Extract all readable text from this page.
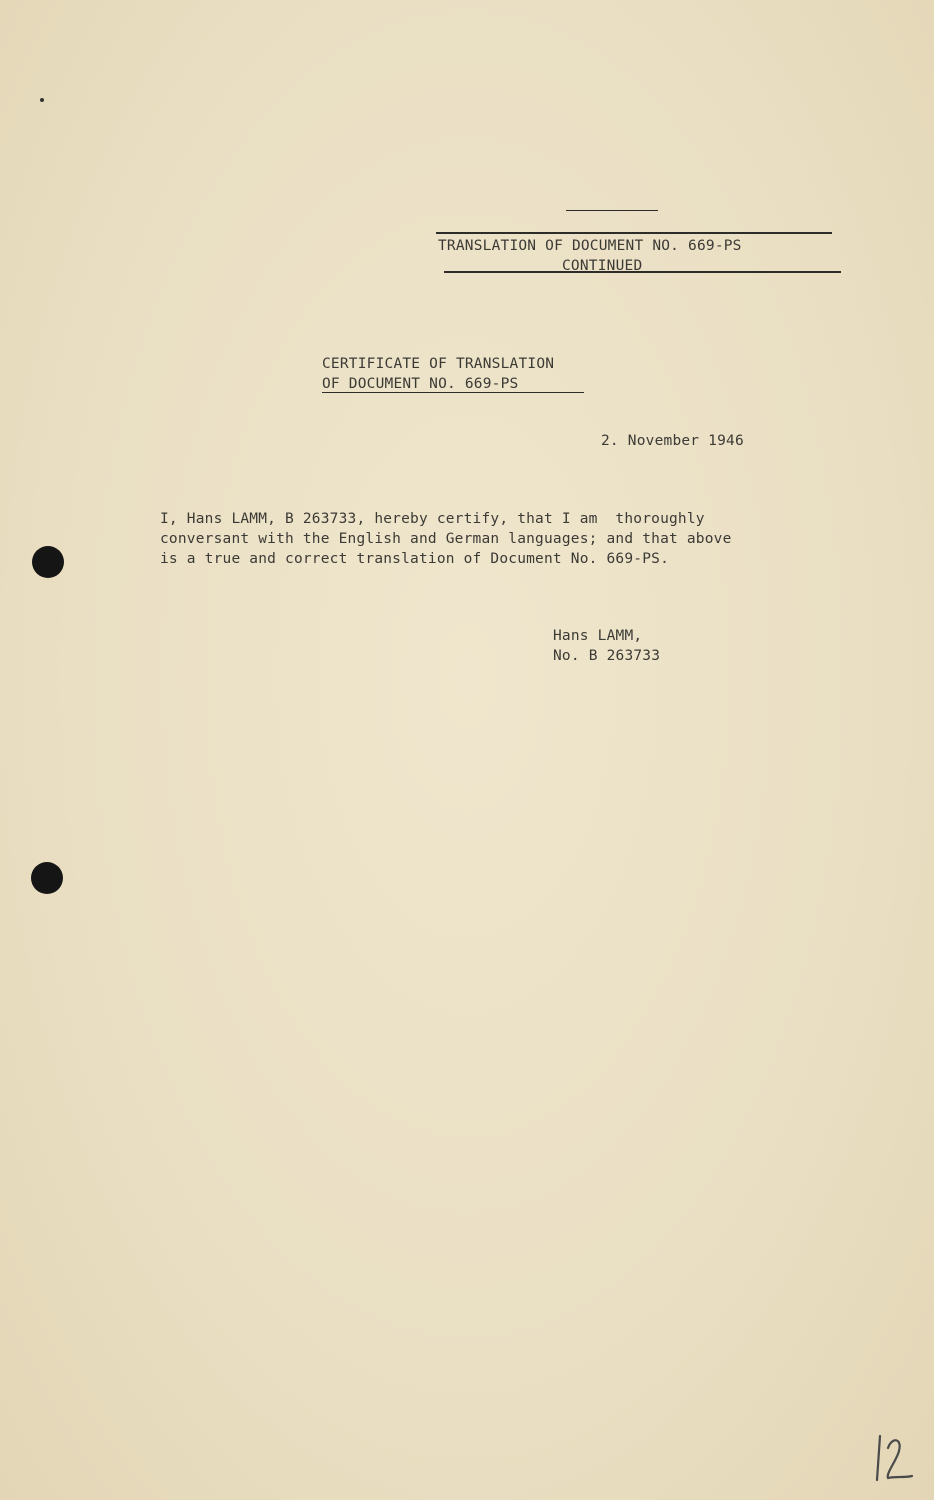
TRANSLATION OF DOCUMENT NO. 669-PS
CONTINUED
CERTIFICATE OF TRANSLATION
OF DOCUMENT NO. 669-PS
2. November 1946
I, Hans LAMM, B 263733, hereby certify, that I am  thoroughly
conversant with the English and German languages; and that above
is a true and correct translation of Document No. 669-PS.
Hans LAMM,
No. B 263733
